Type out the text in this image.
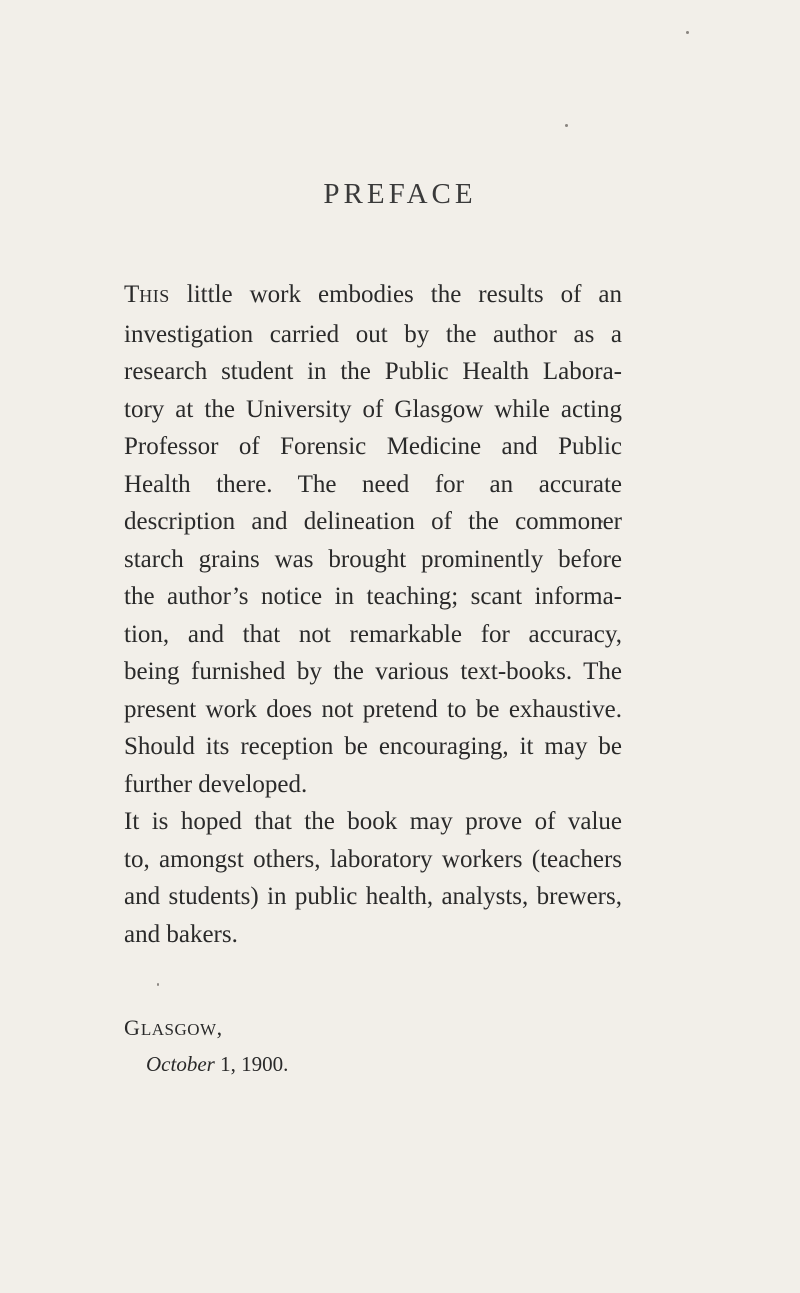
PREFACE
THIS little work embodies the results of an
investigation carried out by the author as a
research student in the Public Health Labora-
tory at the University of Glasgow while acting
Professor of Forensic Medicine and Public
Health there. The need for an accurate
description and delineation of the commoner
starch grains was brought prominently before
the author’s notice in teaching; scant informa-
tion, and that not remarkable for accuracy,
being furnished by the various text-books. The
present work does not pretend to be exhaustive.
Should its reception be encouraging, it may be
further developed.
It is hoped that the book may prove of value
to, amongst others, laboratory workers (teachers
and students) in public health, analysts, brewers,
and bakers.
GLASGOW,
October 1, 1900.
